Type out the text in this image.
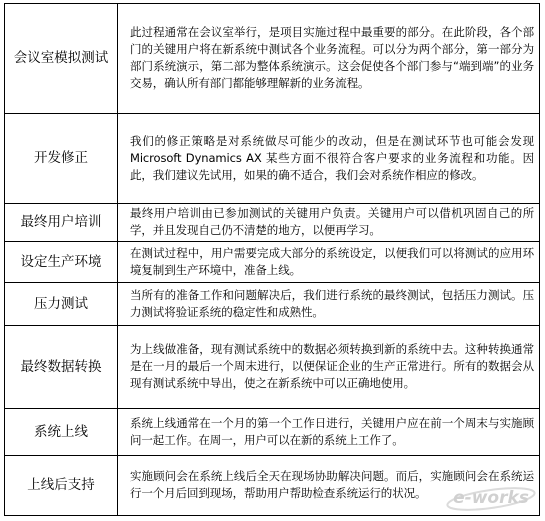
会议室模拟测试	此过程通常在会议室举行，是项目实施过程中最重要的部分。在此阶段，各个部门的关键用户将在新系统中测试各个业务流程。可以分为两个部分，第一部分为部门系统演示，第二部为整体系统演示。这会促使各个部门参与“端到端”的业务交易，确认所有部门都能够理解新的业务流程。
开发修正	我们的修正策略是对系统做尽可能少的改动，但是在测试环节也可能会发现 Microsoft Dynamics AX 某些方面不很符合客户要求的业务流程和功能。因此，我们建议先试用，如果的确不适合，我们会对系统作相应的修改。
最终用户培训	最终用户培训由已参加测试的关键用户负责。关键用户可以借机巩固自己的所学，并且发现自己仍不清楚的地方，以便再学习。
设定生产环境	在测试过程中，用户需要完成大部分的系统设定，以便我们可以将测试的应用环境复制到生产环境中，准备上线。
压力测试	当所有的准备工作和问题解决后，我们进行系统的最终测试，包括压力测试。压力测试将验证系统的稳定性和成熟性。
最终数据转换	为上线做准备，现有测试系统中的数据必须转换到新的系统中去。这种转换通常是在一月的最后一个周末进行，以便保证企业的生产正常进行。所有的数据会从现有测试系统中导出，使之在新系统中可以正确地使用。
系统上线	系统上线通常在一个月的第一个工作日进行，关键用户应在前一个周末与实施顾问一起工作。在周一，用户可以在新的系统上工作了。
上线后支持	实施顾问会在系统上线后全天在现场协助解决问题。而后，实施顾问会在系统运行一个月后回到现场，帮助用户帮助检查系统运行的状况。 e-works
